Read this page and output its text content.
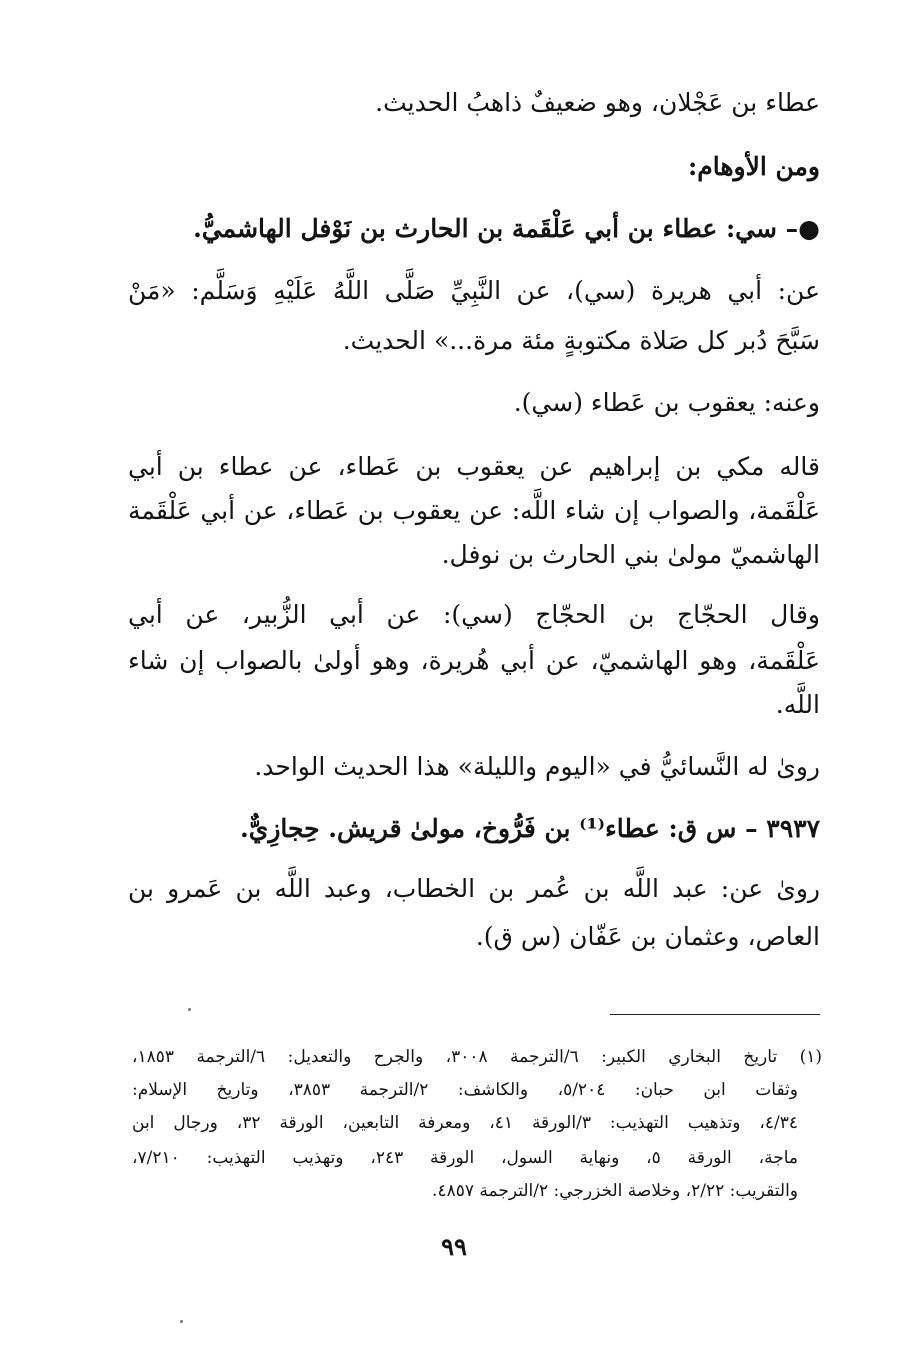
عطاء بن عَجْلان، وهو ضعيفٌ ذاهبُ الحديث.
ومن الأوهام:
●– سي: عطاء بن أبي عَلْقَمة بن الحارث بن نَوْفل الهاشميُّ.
عن: أبي هريرة (سي)، عن النَّبِيِّ صَلَّى اللَّهُ عَلَيْهِ وَسَلَّم: «مَنْ
سَبَّحَ دُبر كل صَلاة مكتوبةٍ مئة مرة...» الحديث.
وعنه: يعقوب بن عَطاء (سي).
قاله مكي بن إبراهيم عن يعقوب بن عَطاء، عن عطاء بن أبي
عَلْقَمة، والصواب إن شاء اللَّه: عن يعقوب بن عَطاء، عن أبي عَلْقَمة
الهاشميّ مولىٰ بني الحارث بن نوفل.
وقال الحجّاج بن الحجّاج (سي): عن أبي الزُّبير، عن أبي
عَلْقَمة، وهو الهاشميّ، عن أبي هُريرة، وهو أولىٰ بالصواب إن شاء
اللَّه.
روىٰ له النَّسائيُّ في «اليوم والليلة» هذا الحديث الواحد.
٣٩٣٧ – س ق: عطاء⁽¹⁾ بن فَرُّوخ، مولىٰ قريش. حِجازِيٌّ.
روىٰ عن: عبد اللَّه بن عُمر بن الخطاب، وعبد اللَّه بن عَمرو بن
العاص، وعثمان بن عَفّان (س ق).
(١) تاريخ البخاري الكبير: ٦/الترجمة ٣٠٠٨، والجرح والتعديل: ٦/الترجمة ١٨٥٣،
وثقات ابن حبان: ٥/٢٠٤، والكاشف: ٢/الترجمة ٣٨٥٣، وتاريخ الإسلام:
٤/٣٤، وتذهيب التهذيب: ٣/الورقة ٤١، ومعرفة التابعين، الورقة ٣٢، ورجال ابن
ماجة، الورقة ٥، ونهاية السول، الورقة ٢٤٣، وتهذيب التهذيب: ٧/٢١٠،
والتقريب: ٢/٢٢، وخلاصة الخزرجي: ٢/الترجمة ٤٨٥٧.
٩٩
